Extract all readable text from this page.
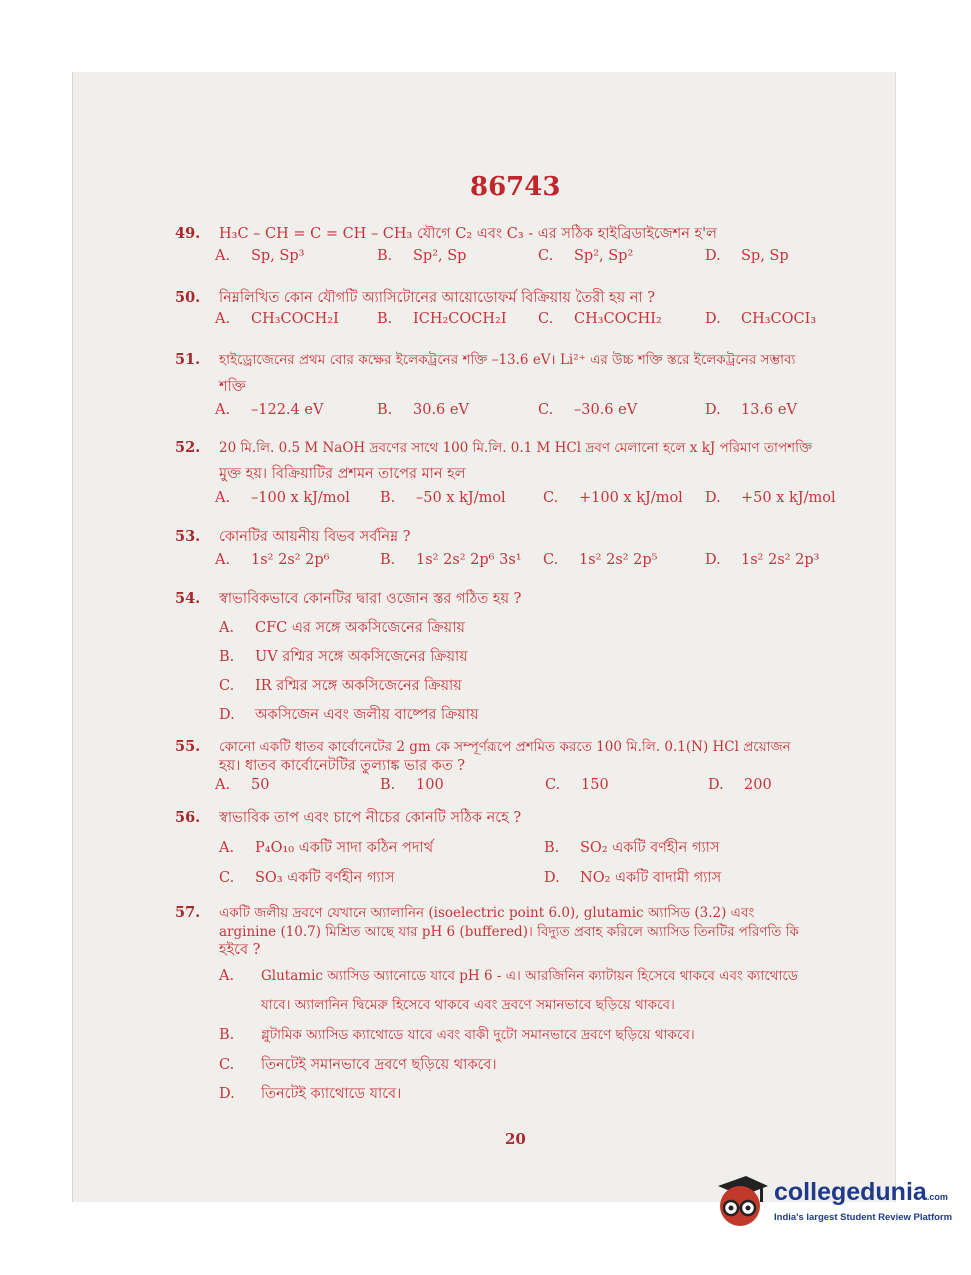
86743
49. H₃C – CH = C = CH – CH₃ যৌগে C₂ এবং C₃ - এর সঠিক হাইব্রিডাইজেশন হ'ল
A. Sp, Sp³	B. Sp², Sp	C. Sp², Sp²	D. Sp, Sp
50. নিম্নলিখিত কোন যৌগটি অ্যাসিটোনের আয়োডোফর্ম বিক্রিয়ায় তৈরী হয় না ?
A. CH₃COCH₂I	B. ICH₂COCH₂I C. CH₃COCHI₂	D. CH₃COCI₃
51. হাইড্রোজেনের প্রথম বোর কক্ষের ইলেকট্রনের শক্তি –13.6 eV। Li²⁺ এর উচ্চ শক্তি স্তরে ইলেকট্রনের সম্ভাব্য
শক্তি
A. –122.4 eV	B. 30.6 eV	C. –30.6 eV	D. 13.6 eV
52. 20 মি.লি. 0.5 M NaOH দ্রবণের সাথে 100 মি.লি. 0.1 M HCl দ্রবণ মেলানো হলে x kJ পরিমাণ তাপশক্তি
মুক্ত হয়। বিক্রিয়াটির প্রশমন তাপের মান হল
A. –100 x kJ/mol B. –50 x kJ/mol	C. +100 x kJ/mol D. +50 x kJ/mol
53. কোনটির আয়নীয় বিভব সর্বনিম্ন ?
A. 1s² 2s² 2p⁶	B. 1s² 2s² 2p⁶ 3s¹ C. 1s² 2s² 2p⁵	D. 1s² 2s² 2p³
54. স্বাভাবিকভাবে কোনটির দ্বারা ওজোন স্তর গঠিত হয় ?
A. CFC এর সঙ্গে অকসিজেনের ক্রিয়ায়
B. UV রশ্মির সঙ্গে অকসিজেনের ক্রিয়ায়
C. IR রশ্মির সঙ্গে অকসিজেনের ক্রিয়ায়
D. অকসিজেন এবং জলীয় বাষ্পের ক্রিয়ায়
55. কোনো একটি ধাতব কার্বোনেটের 2 gm কে সম্পূর্ণরূপে প্রশমিত করতে 100 মি.লি. 0.1(N) HCl প্রয়োজন
হয়। ধাতব কার্বোনেটটির তুল্যাঙ্ক ভার কত ?
A. 50	B. 100	C. 150	D. 200
56. স্বাভাবিক তাপ এবং চাপে নীচের কোনটি সঠিক নহে ?
A. P₄O₁₀ একটি সাদা কঠিন পদার্থ	B. SO₂ একটি বর্ণহীন গ্যাস
C. SO₃ একটি বর্ণহীন গ্যাস	D. NO₂ একটি বাদামী গ্যাস
57. একটি জলীয় দ্রবণে যেখানে অ্যালানিন (isoelectric point 6.0), glutamic অ্যাসিড (3.2) এবং
arginine (10.7) মিশ্রিত আছে যার pH 6 (buffered)। বিদ্যুত প্রবাহ করিলে অ্যাসিড তিনটির পরিণতি কি
হইবে ?
A. Glutamic অ্যাসিড অ্যানোডে যাবে pH 6 - এ। আরজিনিন ক্যাটায়ন হিসেবে থাকবে এবং ক্যাথোডে
যাবে। অ্যালানিন দ্বিমেরু হিসেবে থাকবে এবং দ্রবণে সমানভাবে ছড়িয়ে থাকবে।
B. গ্লুটামিক অ্যাসিড ক্যাথোডে যাবে এবং বাকী দুটো সমানভাবে দ্রবণে ছড়িয়ে থাকবে।
C. তিনটেই সমানভাবে দ্রবণে ছড়িয়ে থাকবে।
D. তিনটেই ক্যাথোডে যাবে।
20
collegedunia.com
India's largest Student Review Platform
